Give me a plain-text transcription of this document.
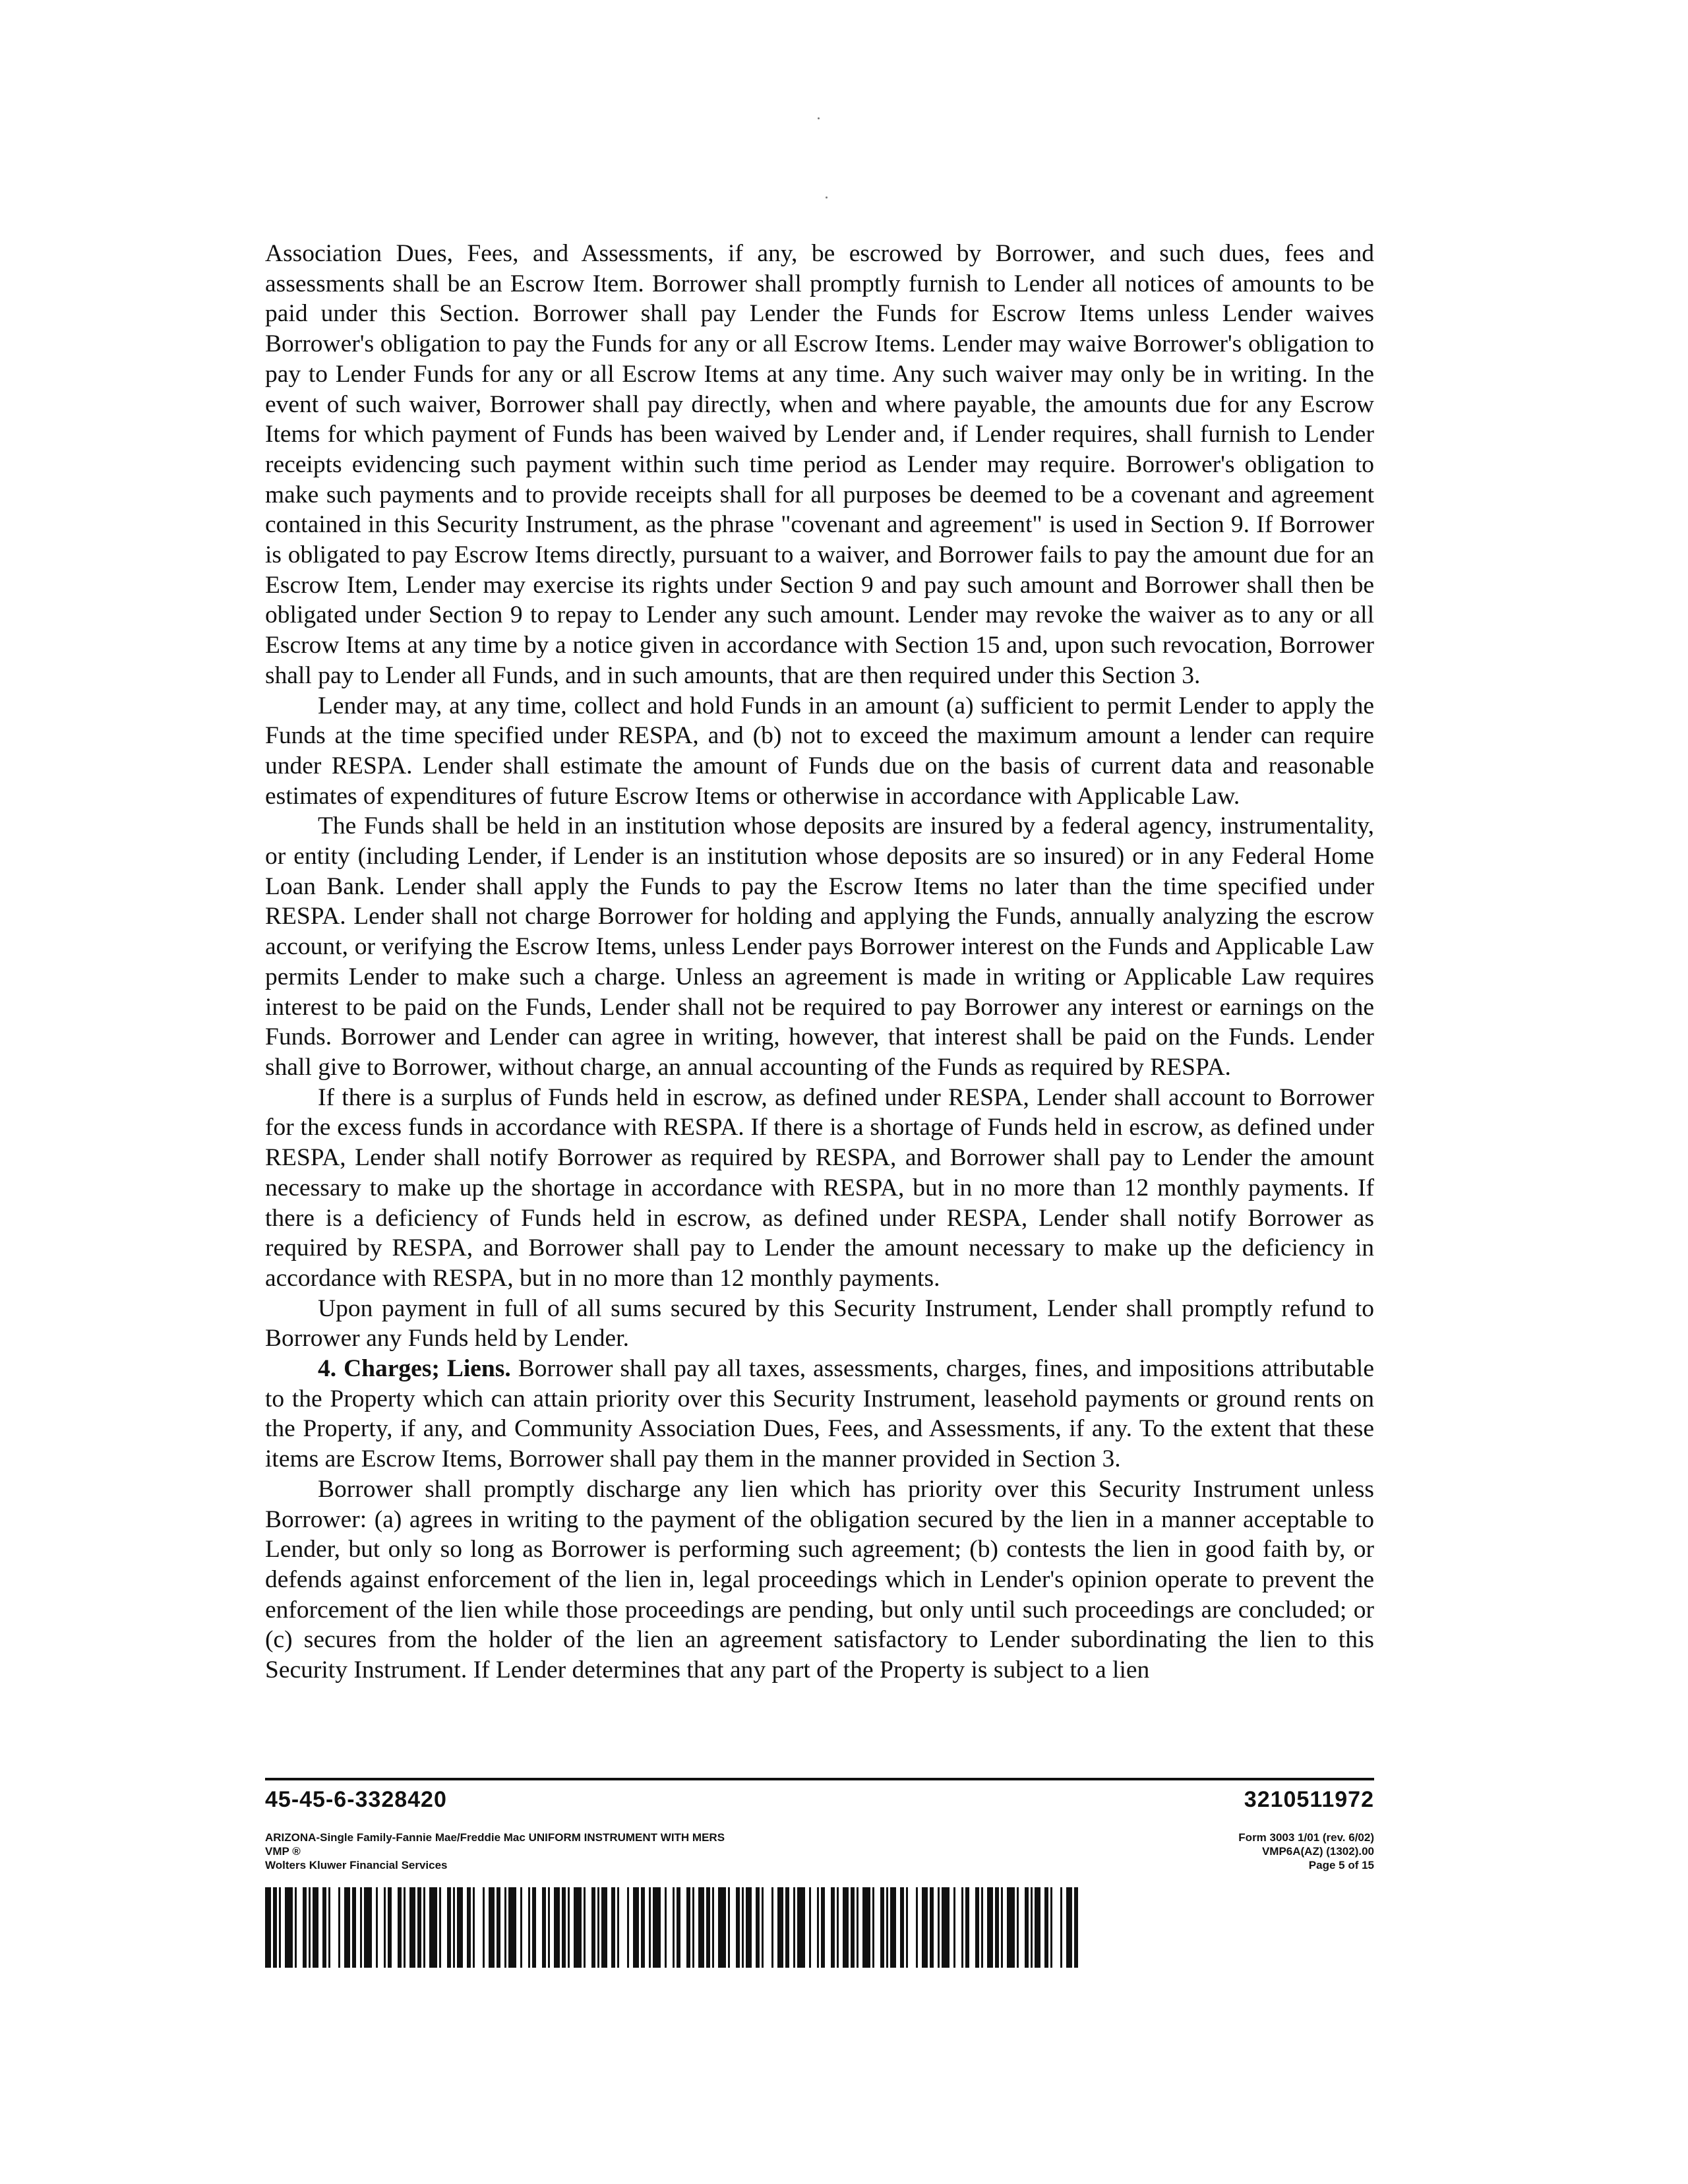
Association Dues, Fees, and Assessments, if any, be escrowed by Borrower, and such dues, fees and assessments shall be an Escrow Item. Borrower shall promptly furnish to Lender all notices of amounts to be paid under this Section. Borrower shall pay Lender the Funds for Escrow Items unless Lender waives Borrower's obligation to pay the Funds for any or all Escrow Items. Lender may waive Borrower's obligation to pay to Lender Funds for any or all Escrow Items at any time. Any such waiver may only be in writing. In the event of such waiver, Borrower shall pay directly, when and where payable, the amounts due for any Escrow Items for which payment of Funds has been waived by Lender and, if Lender requires, shall furnish to Lender receipts evidencing such payment within such time period as Lender may require. Borrower's obligation to make such payments and to provide receipts shall for all purposes be deemed to be a covenant and agreement contained in this Security Instrument, as the phrase "covenant and agreement" is used in Section 9. If Borrower is obligated to pay Escrow Items directly, pursuant to a waiver, and Borrower fails to pay the amount due for an Escrow Item, Lender may exercise its rights under Section 9 and pay such amount and Borrower shall then be obligated under Section 9 to repay to Lender any such amount. Lender may revoke the waiver as to any or all Escrow Items at any time by a notice given in accordance with Section 15 and, upon such revocation, Borrower shall pay to Lender all Funds, and in such amounts, that are then required under this Section 3.

Lender may, at any time, collect and hold Funds in an amount (a) sufficient to permit Lender to apply the Funds at the time specified under RESPA, and (b) not to exceed the maximum amount a lender can require under RESPA. Lender shall estimate the amount of Funds due on the basis of current data and reasonable estimates of expenditures of future Escrow Items or otherwise in accordance with Applicable Law.

The Funds shall be held in an institution whose deposits are insured by a federal agency, instrumentality, or entity (including Lender, if Lender is an institution whose deposits are so insured) or in any Federal Home Loan Bank. Lender shall apply the Funds to pay the Escrow Items no later than the time specified under RESPA. Lender shall not charge Borrower for holding and applying the Funds, annually analyzing the escrow account, or verifying the Escrow Items, unless Lender pays Borrower interest on the Funds and Applicable Law permits Lender to make such a charge. Unless an agreement is made in writing or Applicable Law requires interest to be paid on the Funds, Lender shall not be required to pay Borrower any interest or earnings on the Funds. Borrower and Lender can agree in writing, however, that interest shall be paid on the Funds. Lender shall give to Borrower, without charge, an annual accounting of the Funds as required by RESPA.

If there is a surplus of Funds held in escrow, as defined under RESPA, Lender shall account to Borrower for the excess funds in accordance with RESPA. If there is a shortage of Funds held in escrow, as defined under RESPA, Lender shall notify Borrower as required by RESPA, and Borrower shall pay to Lender the amount necessary to make up the shortage in accordance with RESPA, but in no more than 12 monthly payments. If there is a deficiency of Funds held in escrow, as defined under RESPA, Lender shall notify Borrower as required by RESPA, and Borrower shall pay to Lender the amount necessary to make up the deficiency in accordance with RESPA, but in no more than 12 monthly payments.

Upon payment in full of all sums secured by this Security Instrument, Lender shall promptly refund to Borrower any Funds held by Lender.

4. Charges; Liens. Borrower shall pay all taxes, assessments, charges, fines, and impositions attributable to the Property which can attain priority over this Security Instrument, leasehold payments or ground rents on the Property, if any, and Community Association Dues, Fees, and Assessments, if any. To the extent that these items are Escrow Items, Borrower shall pay them in the manner provided in Section 3.

Borrower shall promptly discharge any lien which has priority over this Security Instrument unless Borrower: (a) agrees in writing to the payment of the obligation secured by the lien in a manner acceptable to Lender, but only so long as Borrower is performing such agreement; (b) contests the lien in good faith by, or defends against enforcement of the lien in, legal proceedings which in Lender's opinion operate to prevent the enforcement of the lien while those proceedings are pending, but only until such proceedings are concluded; or (c) secures from the holder of the lien an agreement satisfactory to Lender subordinating the lien to this Security Instrument. If Lender determines that any part of the Property is subject to a lien

45-45-6-3328420	3210511972
ARIZONA-Single Family-Fannie Mae/Freddie Mac UNIFORM INSTRUMENT WITH MERS
VMP ®
Wolters Kluwer Financial Services
Form 3003 1/01 (rev. 6/02)
VMP6A(AZ) (1302).00
Page 5 of 15
